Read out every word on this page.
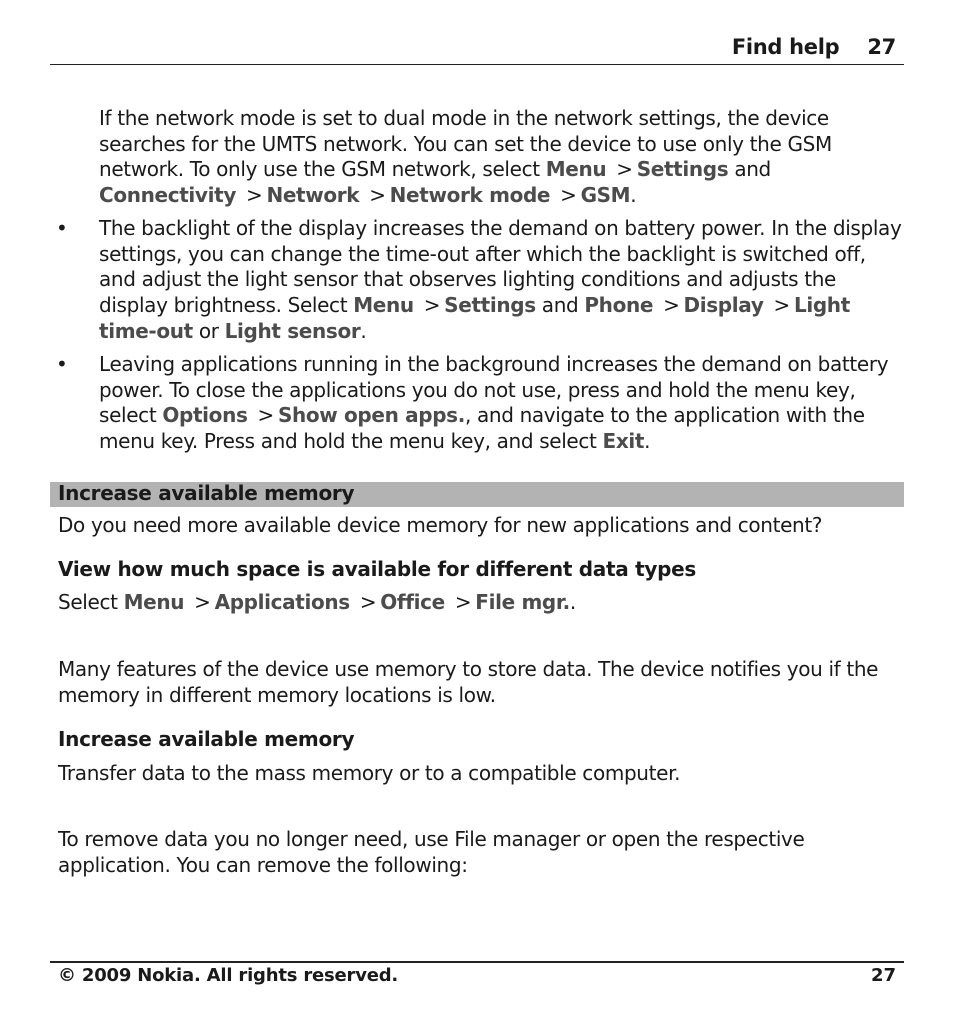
Find help 27
If the network mode is set to dual mode in the network settings, the device searches for the UMTS network. You can set the device to use only the GSM network. To only use the GSM network, select Menu > Settings and Connectivity > Network > Network mode > GSM.
• The backlight of the display increases the demand on battery power. In the display settings, you can change the time-out after which the backlight is switched off, and adjust the light sensor that observes lighting conditions and adjusts the display brightness. Select Menu > Settings and Phone > Display > Light time-out or Light sensor.
• Leaving applications running in the background increases the demand on battery power. To close the applications you do not use, press and hold the menu key, select Options > Show open apps., and navigate to the application with the menu key. Press and hold the menu key, and select Exit.
Increase available memory
Do you need more available device memory for new applications and content?
View how much space is available for different data types
Select Menu > Applications > Office > File mgr..
Many features of the device use memory to store data. The device notifies you if the memory in different memory locations is low.
Increase available memory
Transfer data to the mass memory or to a compatible computer.
To remove data you no longer need, use File manager or open the respective application. You can remove the following:
© 2009 Nokia. All rights reserved.	27
